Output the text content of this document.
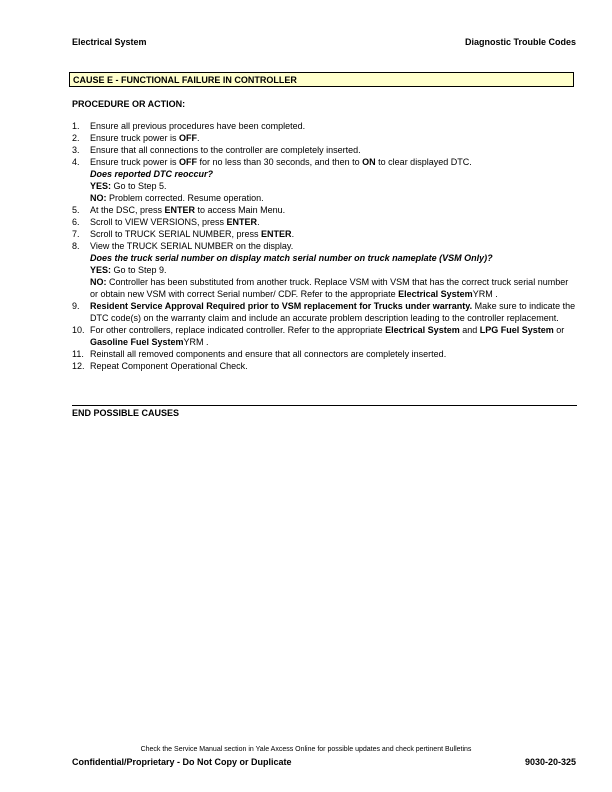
Electrical System	Diagnostic Trouble Codes
CAUSE E - FUNCTIONAL FAILURE IN CONTROLLER
PROCEDURE OR ACTION:
1. Ensure all previous procedures have been completed.
2. Ensure truck power is OFF.
3. Ensure that all connections to the controller are completely inserted.
4. Ensure truck power is OFF for no less than 30 seconds, and then to ON to clear displayed DTC.
Does reported DTC reoccur?
YES: Go to Step 5.
NO: Problem corrected. Resume operation.
5. At the DSC, press ENTER to access Main Menu.
6. Scroll to VIEW VERSIONS, press ENTER.
7. Scroll to TRUCK SERIAL NUMBER, press ENTER.
8. View the TRUCK SERIAL NUMBER on the display.
Does the truck serial number on display match serial number on truck nameplate (VSM Only)?
YES: Go to Step 9.
NO: Controller has been substituted from another truck. Replace VSM with VSM that has the correct truck serial number or obtain new VSM with correct Serial number/ CDF. Refer to the appropriate Electrical SystemYRM .
9. Resident Service Approval Required prior to VSM replacement for Trucks under warranty. Make sure to indicate the DTC code(s) on the warranty claim and include an accurate problem description leading to the controller replacement.
10. For other controllers, replace indicated controller. Refer to the appropriate Electrical System and LPG Fuel System or Gasoline Fuel SystemYRM .
11. Reinstall all removed components and ensure that all connectors are completely inserted.
12. Repeat Component Operational Check.
END POSSIBLE CAUSES
Check the Service Manual section in Yale Axcess Online for possible updates and check pertinent Bulletins
Confidential/Proprietary - Do Not Copy or Duplicate	9030-20-325
